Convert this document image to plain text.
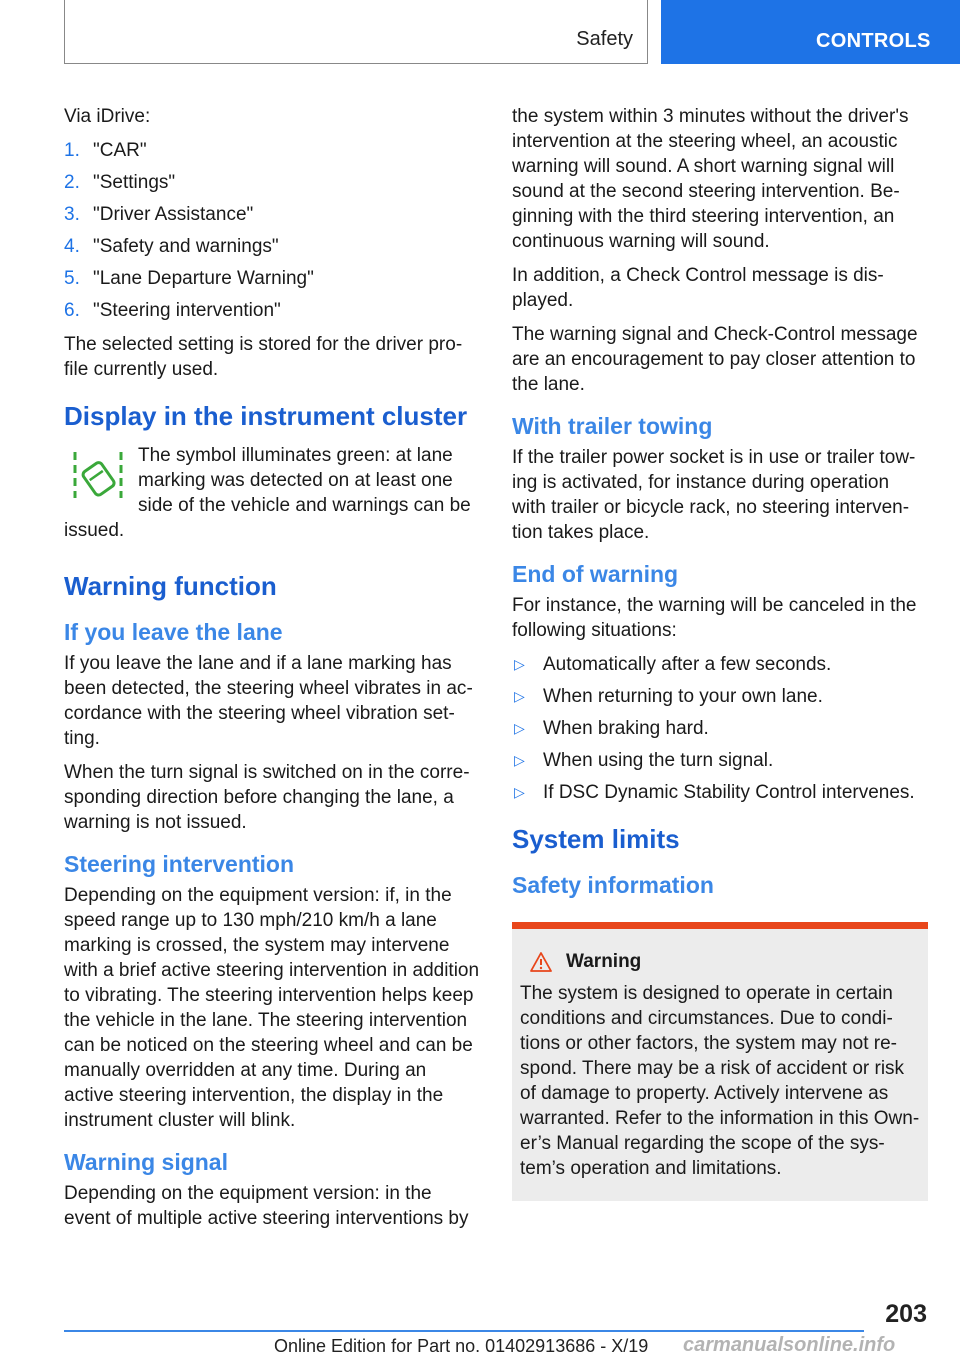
Safety	CONTROLS

Via iDrive:

1. "CAR"
2. "Settings"
3. "Driver Assistance"
4. "Safety and warnings"
5. "Lane Departure Warning"
6. "Steering intervention"

The selected setting is stored for the driver profile currently used.

Display in the instrument cluster

The symbol illuminates green: at lane marking was detected on at least one side of the vehicle and warnings can be issued.

Warning function
If you leave the lane

If you leave the lane and if a lane marking has been detected, the steering wheel vibrates in accordance with the steering wheel vibration setting.

When the turn signal is switched on in the corresponding direction before changing the lane, a warning is not issued.

Steering intervention

Depending on the equipment version: if, in the speed range up to 130 mph/210 km/h a lane marking is crossed, the system may intervene with a brief active steering intervention in addition to vibrating. The steering intervention helps keep the vehicle in the lane. The steering intervention can be noticed on the steering wheel and can be manually overridden at any time. During an active steering intervention, the display in the instrument cluster will blink.

Warning signal

Depending on the equipment version: in the event of multiple active steering interventions by

the system within 3 minutes without the driver's intervention at the steering wheel, an acoustic warning will sound. A short warning signal will sound at the second steering intervention. Beginning with the third steering intervention, an continuous warning will sound.

In addition, a Check Control message is displayed.

The warning signal and Check-Control message are an encouragement to pay closer attention to the lane.

With trailer towing

If the trailer power socket is in use or trailer towing is activated, for instance during operation with trailer or bicycle rack, no steering intervention takes place.

End of warning

For instance, the warning will be canceled in the following situations:

▷ Automatically after a few seconds.
▷ When returning to your own lane.
▷ When braking hard.
▷ When using the turn signal.
▷ If DSC Dynamic Stability Control intervenes.
System limits
Safety information
Warning

The system is designed to operate in certain conditions and circumstances. Due to conditions or other factors, the system may not respond. There may be a risk of accident or risk of damage to property. Actively intervene as warranted. Refer to the information in this Owner’s Manual regarding the scope of the system’s operation and limitations.

203
Online Edition for Part no. 01402913686 - X/19 carmanualsonline.info
